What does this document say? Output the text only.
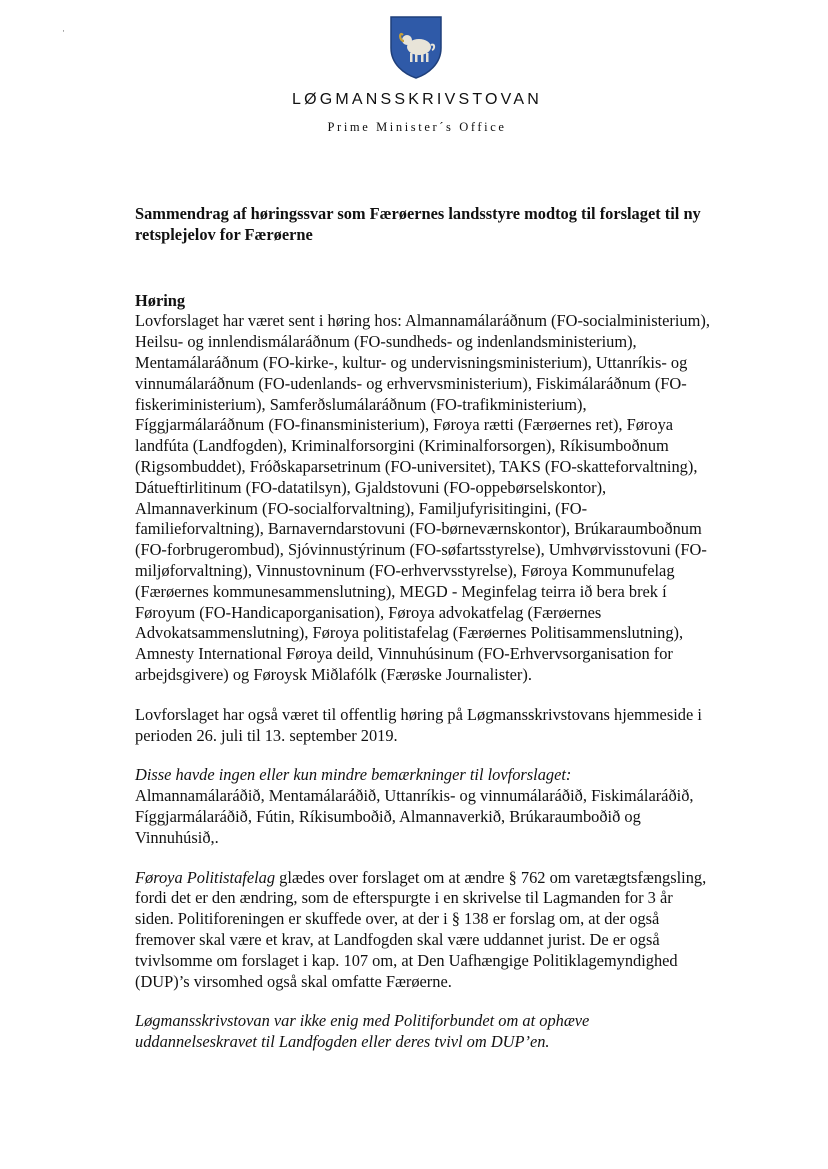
·
LØGMANSSKRIVSTOVAN
Prime Minister´s Office

Sammendrag af høringssvar som Færøernes landsstyre modtog til forslaget til ny retsplejelov for Færøerne

Høring

Lovforslaget har været sent i høring hos: Almannamálaráðnum (FO-socialministerium), Heilsu- og innlendismálaráðnum (FO-sundheds- og indenlandsministerium), Mentamálaráðnum (FO-kirke-, kultur- og undervisningsministerium), Uttanríkis- og vinnumálaráðnum (FO-udenlands- og erhvervsministerium), Fiskimálaráðnum (FO-fiskeriministerium), Samferðslumálaráðnum (FO-trafikministerium), Fíggjarmálaráðnum (FO-finansministerium), Føroya rætti (Færøernes ret), Føroya landfúta (Landfogden), Kriminalforsorgini (Kriminalforsorgen), Ríkisumboðnum (Rigsombuddet), Fróðskaparsetrinum (FO-universitet), TAKS (FO-skatteforvaltning), Dátueftirlitinum (FO-datatilsyn), Gjaldstovuni (FO-oppebørselskontor), Almannaverkinum (FO-socialforvaltning), Familjufyrisitingini, (FO-familieforvaltning), Barnaverndarstovuni (FO-børneværnskontor), Brúkaraumboðnum (FO-forbrugerombud), Sjóvinnustýrinum (FO-søfartsstyrelse), Umhvørvisstovuni (FO-miljøforvaltning), Vinnustovninum (FO-erhvervsstyrelse), Føroya Kommunufelag (Færøernes kommunesammenslutning), MEGD - Meginfelag teirra ið bera brek í Føroyum (FO-Handicaporganisation), Føroya advokatfelag (Færøernes Advokatsammenslutning), Føroya politistafelag (Færøernes Politisammenslutning), Amnesty International Føroya deild, Vinnuhúsinum (FO-Erhvervsorganisation for arbejdsgivere) og Føroysk Miðlafólk (Færøske Journalister).

Lovforslaget har også været til offentlig høring på Løgmansskrivstovans hjemmeside i perioden 26. juli til 13. september 2019.

Disse havde ingen eller kun mindre bemærkninger til lovforslaget:
Almannamálaráðið, Mentamálaráðið, Uttanríkis- og vinnumálaráðið, Fiskimálaráðið, Fíggjarmálaráðið, Fútin, Ríkisumboðið, Almannaverkið, Brúkaraumboðið og Vinnuhúsið,.

Føroya Politistafelag glædes over forslaget om at ændre § 762 om varetægtsfængsling, fordi det er den ændring, som de efterspurgte i en skrivelse til Lagmanden for 3 år siden. Politiforeningen er skuffede over, at der i § 138 er forslag om, at der også fremover skal være et krav, at Landfogden skal være uddannet jurist. De er også tvivlsomme om forslaget i kap. 107 om, at Den Uafhængige Politiklagemyndighed (DUP)’s virsomhed også skal omfatte Færøerne.

Løgmansskrivstovan var ikke enig med Politiforbundet om at ophæve uddannelseskravet til Landfogden eller deres tvivl om DUP’en.
